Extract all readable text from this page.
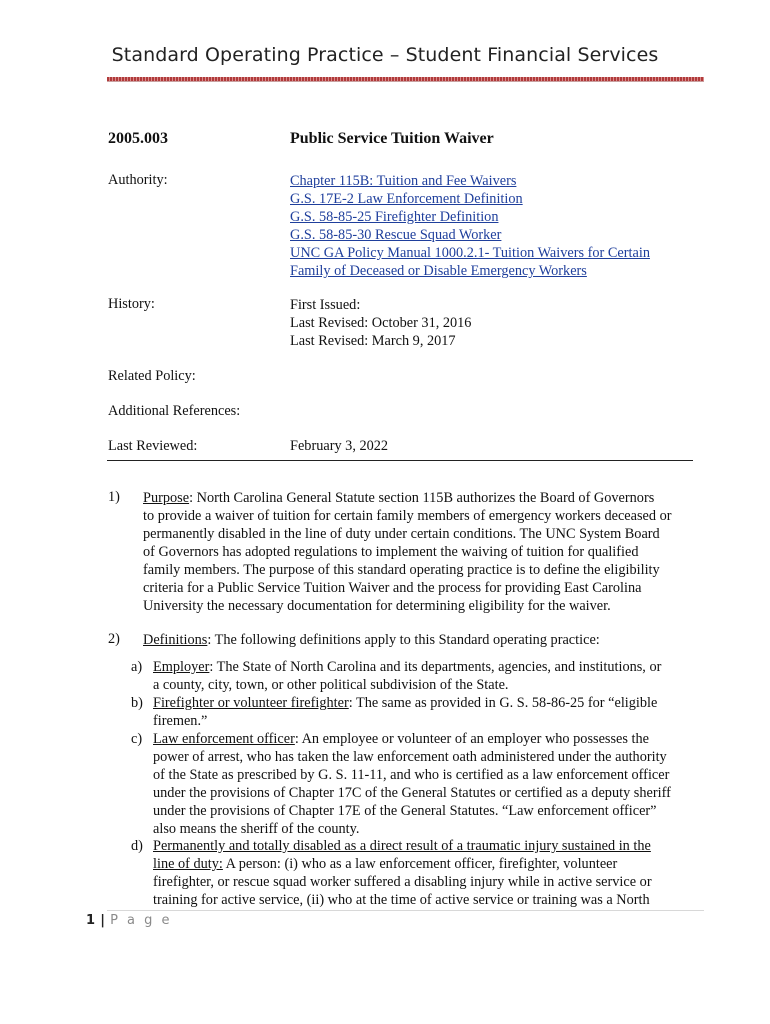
Standard Operating Practice – Student Financial Services
2005.003	Public Service Tuition Waiver
Authority:	Chapter 115B: Tuition and Fee Waivers
G.S. 17E-2 Law Enforcement Definition
G.S. 58-85-25 Firefighter Definition
G.S. 58-85-30 Rescue Squad Worker
UNC GA Policy Manual 1000.2.1- Tuition Waivers for Certain
Family of Deceased or Disable Emergency Workers
History:	First Issued:
Last Revised: October 31, 2016
Last Revised: March 9, 2017
Related Policy:
Additional References:
Last Reviewed:	February 3, 2022
1) Purpose: North Carolina General Statute section 115B authorizes the Board of Governors
to provide a waiver of tuition for certain family members of emergency workers deceased or
permanently disabled in the line of duty under certain conditions. The UNC System Board
of Governors has adopted regulations to implement the waiving of tuition for qualified
family members. The purpose of this standard operating practice is to define the eligibility
criteria for a Public Service Tuition Waiver and the process for providing East Carolina
University the necessary documentation for determining eligibility for the waiver.
2) Definitions: The following definitions apply to this Standard operating practice:
a) Employer: The State of North Carolina and its departments, agencies, and institutions, or
a county, city, town, or other political subdivision of the State.
b) Firefighter or volunteer firefighter: The same as provided in G. S. 58-86-25 for “eligible
firemen.”
c) Law enforcement officer: An employee or volunteer of an employer who possesses the
power of arrest, who has taken the law enforcement oath administered under the authority
of the State as prescribed by G. S. 11-11, and who is certified as a law enforcement officer
under the provisions of Chapter 17C of the General Statutes or certified as a deputy sheriff
under the provisions of Chapter 17E of the General Statutes. “Law enforcement officer”
also means the sheriff of the county.
d) Permanently and totally disabled as a direct result of a traumatic injury sustained in the
line of duty: A person: (i) who as a law enforcement officer, firefighter, volunteer
firefighter, or rescue squad worker suffered a disabling injury while in active service or
training for active service, (ii) who at the time of active service or training was a North
1 | P a g e
